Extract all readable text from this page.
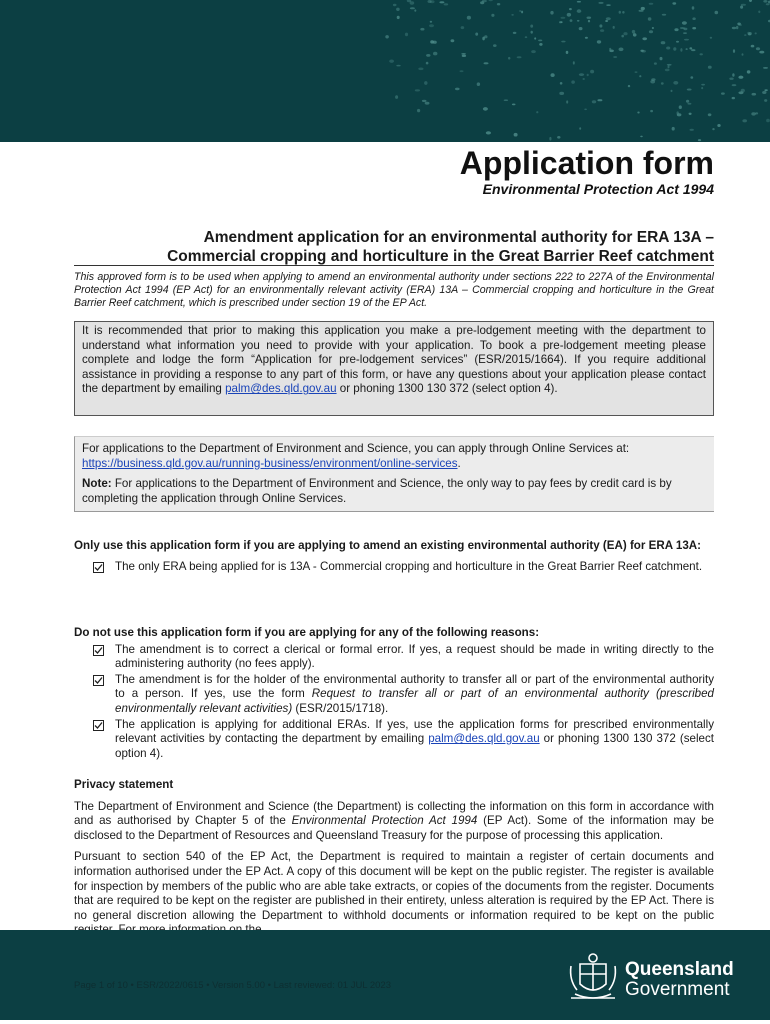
Application form
Environmental Protection Act 1994
Amendment application for an environmental authority for ERA 13A –
Commercial cropping and horticulture in the Great Barrier Reef catchment
This approved form is to be used when applying to amend an environmental authority under sections 222 to 227A of the Environmental Protection Act 1994 (EP Act) for an environmentally relevant activity (ERA) 13A – Commercial cropping and horticulture in the Great Barrier Reef catchment, which is prescribed under section 19 of the EP Act.
It is recommended that prior to making this application you make a pre-lodgement meeting with the department to understand what information you need to provide with your application. To book a pre-lodgement meeting please complete and lodge the form “Application for pre-lodgement services” (ESR/2015/1664). If you require additional assistance in providing a response to any part of this form, or have any questions about your application please contact the department by emailing palm@des.qld.gov.au or phoning 1300 130 372 (select option 4).

For applications to the Department of Environment and Science, you can apply through Online Services at:
https://business.qld.gov.au/running-business/environment/online-services.

Note: For applications to the Department of Environment and Science, the only way to pay fees by credit card is by completing the application through Online Services.

Only use this application form if you are applying to amend an existing environmental authority (EA) for ERA 13A:
The only ERA being applied for is 13A - Commercial cropping and horticulture in the Great Barrier Reef catchment.
Do not use this application form if you are applying for any of the following reasons:
The amendment is to correct a clerical or formal error. If yes, a request should be made in writing directly to the administering authority (no fees apply).
The amendment is for the holder of the environmental authority to transfer all or part of the environmental authority to a person. If yes, use the form Request to transfer all or part of an environmental authority (prescribed environmentally relevant activities) (ESR/2015/1718).
The application is applying for additional ERAs. If yes, use the application forms for prescribed environmentally relevant activities by contacting the department by emailing palm@des.qld.gov.au or phoning 1300 130 372 (select option 4).
Privacy statement
The Department of Environment and Science (the Department) is collecting the information on this form in accordance with and as authorised by Chapter 5 of the Environmental Protection Act 1994 (EP Act). Some of the information may be disclosed to the Department of Resources and Queensland Treasury for the purpose of processing this application.
Pursuant to section 540 of the EP Act, the Department is required to maintain a register of certain documents and information authorised under the EP Act. A copy of this document will be kept on the public register. The register is available for inspection by members of the public who are able take extracts, or copies of the documents from the register. Documents that are required to be kept on the register are published in their entirety, unless alteration is required by the EP Act. There is no general discretion allowing the Department to withhold documents or information required to be kept on the public
Page 1 of 10 • ESR/2022/0615 • Version 5.00 • Last reviewed: 01 JUL 2023
Queensland
Government
